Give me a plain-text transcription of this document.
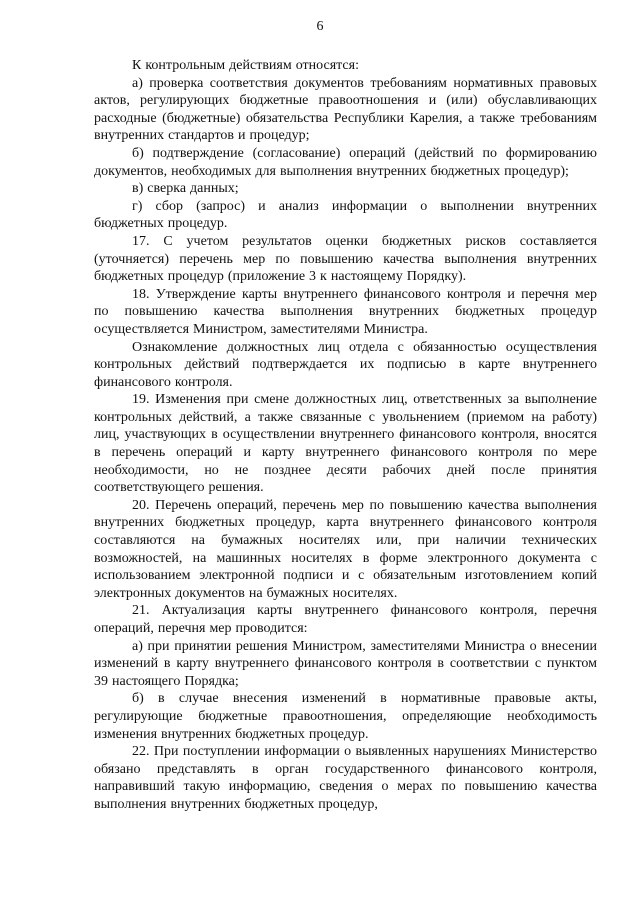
6

К контрольным действиям относятся:

а) проверка соответствия документов требованиям нормативных правовых актов, регулирующих бюджетные правоотношения и (или) обуславливающих расходные (бюджетные) обязательства Республики Карелия, а также требованиям внутренних стандартов и процедур;

б) подтверждение (согласование) операций (действий по формированию документов, необходимых для выполнения внутренних бюджетных процедур);

в) сверка данных;

г) сбор (запрос) и анализ информации о выполнении внутренних бюджетных процедур.

17. С учетом результатов оценки бюджетных рисков составляется (уточняется) перечень мер по повышению качества выполнения внутренних бюджетных процедур (приложение 3 к настоящему Порядку).

18. Утверждение карты внутреннего финансового контроля и перечня мер по повышению качества выполнения внутренних бюджетных процедур осуществляется Министром, заместителями Министра.

Ознакомление должностных лиц отдела с обязанностью осуществления контрольных действий подтверждается их подписью в карте внутреннего финансового контроля.

19. Изменения при смене должностных лиц, ответственных за выполнение контрольных действий, а также связанные с увольнением (приемом на работу) лиц, участвующих в осуществлении внутреннего финансового контроля, вносятся в перечень операций и карту внутреннего финансового контроля по мере необходимости, но не позднее десяти рабочих дней после принятия соответствующего решения.

20. Перечень операций, перечень мер по повышению качества выполнения внутренних бюджетных процедур, карта внутреннего финансового контроля составляются на бумажных носителях или, при наличии технических возможностей, на машинных носителях в форме электронного документа с использованием электронной подписи и с обязательным изготовлением копий электронных документов на бумажных носителях.

21. Актуализация карты внутреннего финансового контроля, перечня операций, перечня мер проводится:

а) при принятии решения Министром, заместителями Министра о внесении изменений в карту внутреннего финансового контроля в соответствии с пунктом 39 настоящего Порядка;

б) в случае внесения изменений в нормативные правовые акты, регулирующие бюджетные правоотношения, определяющие необходимость изменения внутренних бюджетных процедур.

22. При поступлении информации о выявленных нарушениях Министерство обязано представлять в орган государственного финансового контроля, направивший такую информацию, сведения о мерах по повышению качества выполнения внутренних бюджетных процедур,
